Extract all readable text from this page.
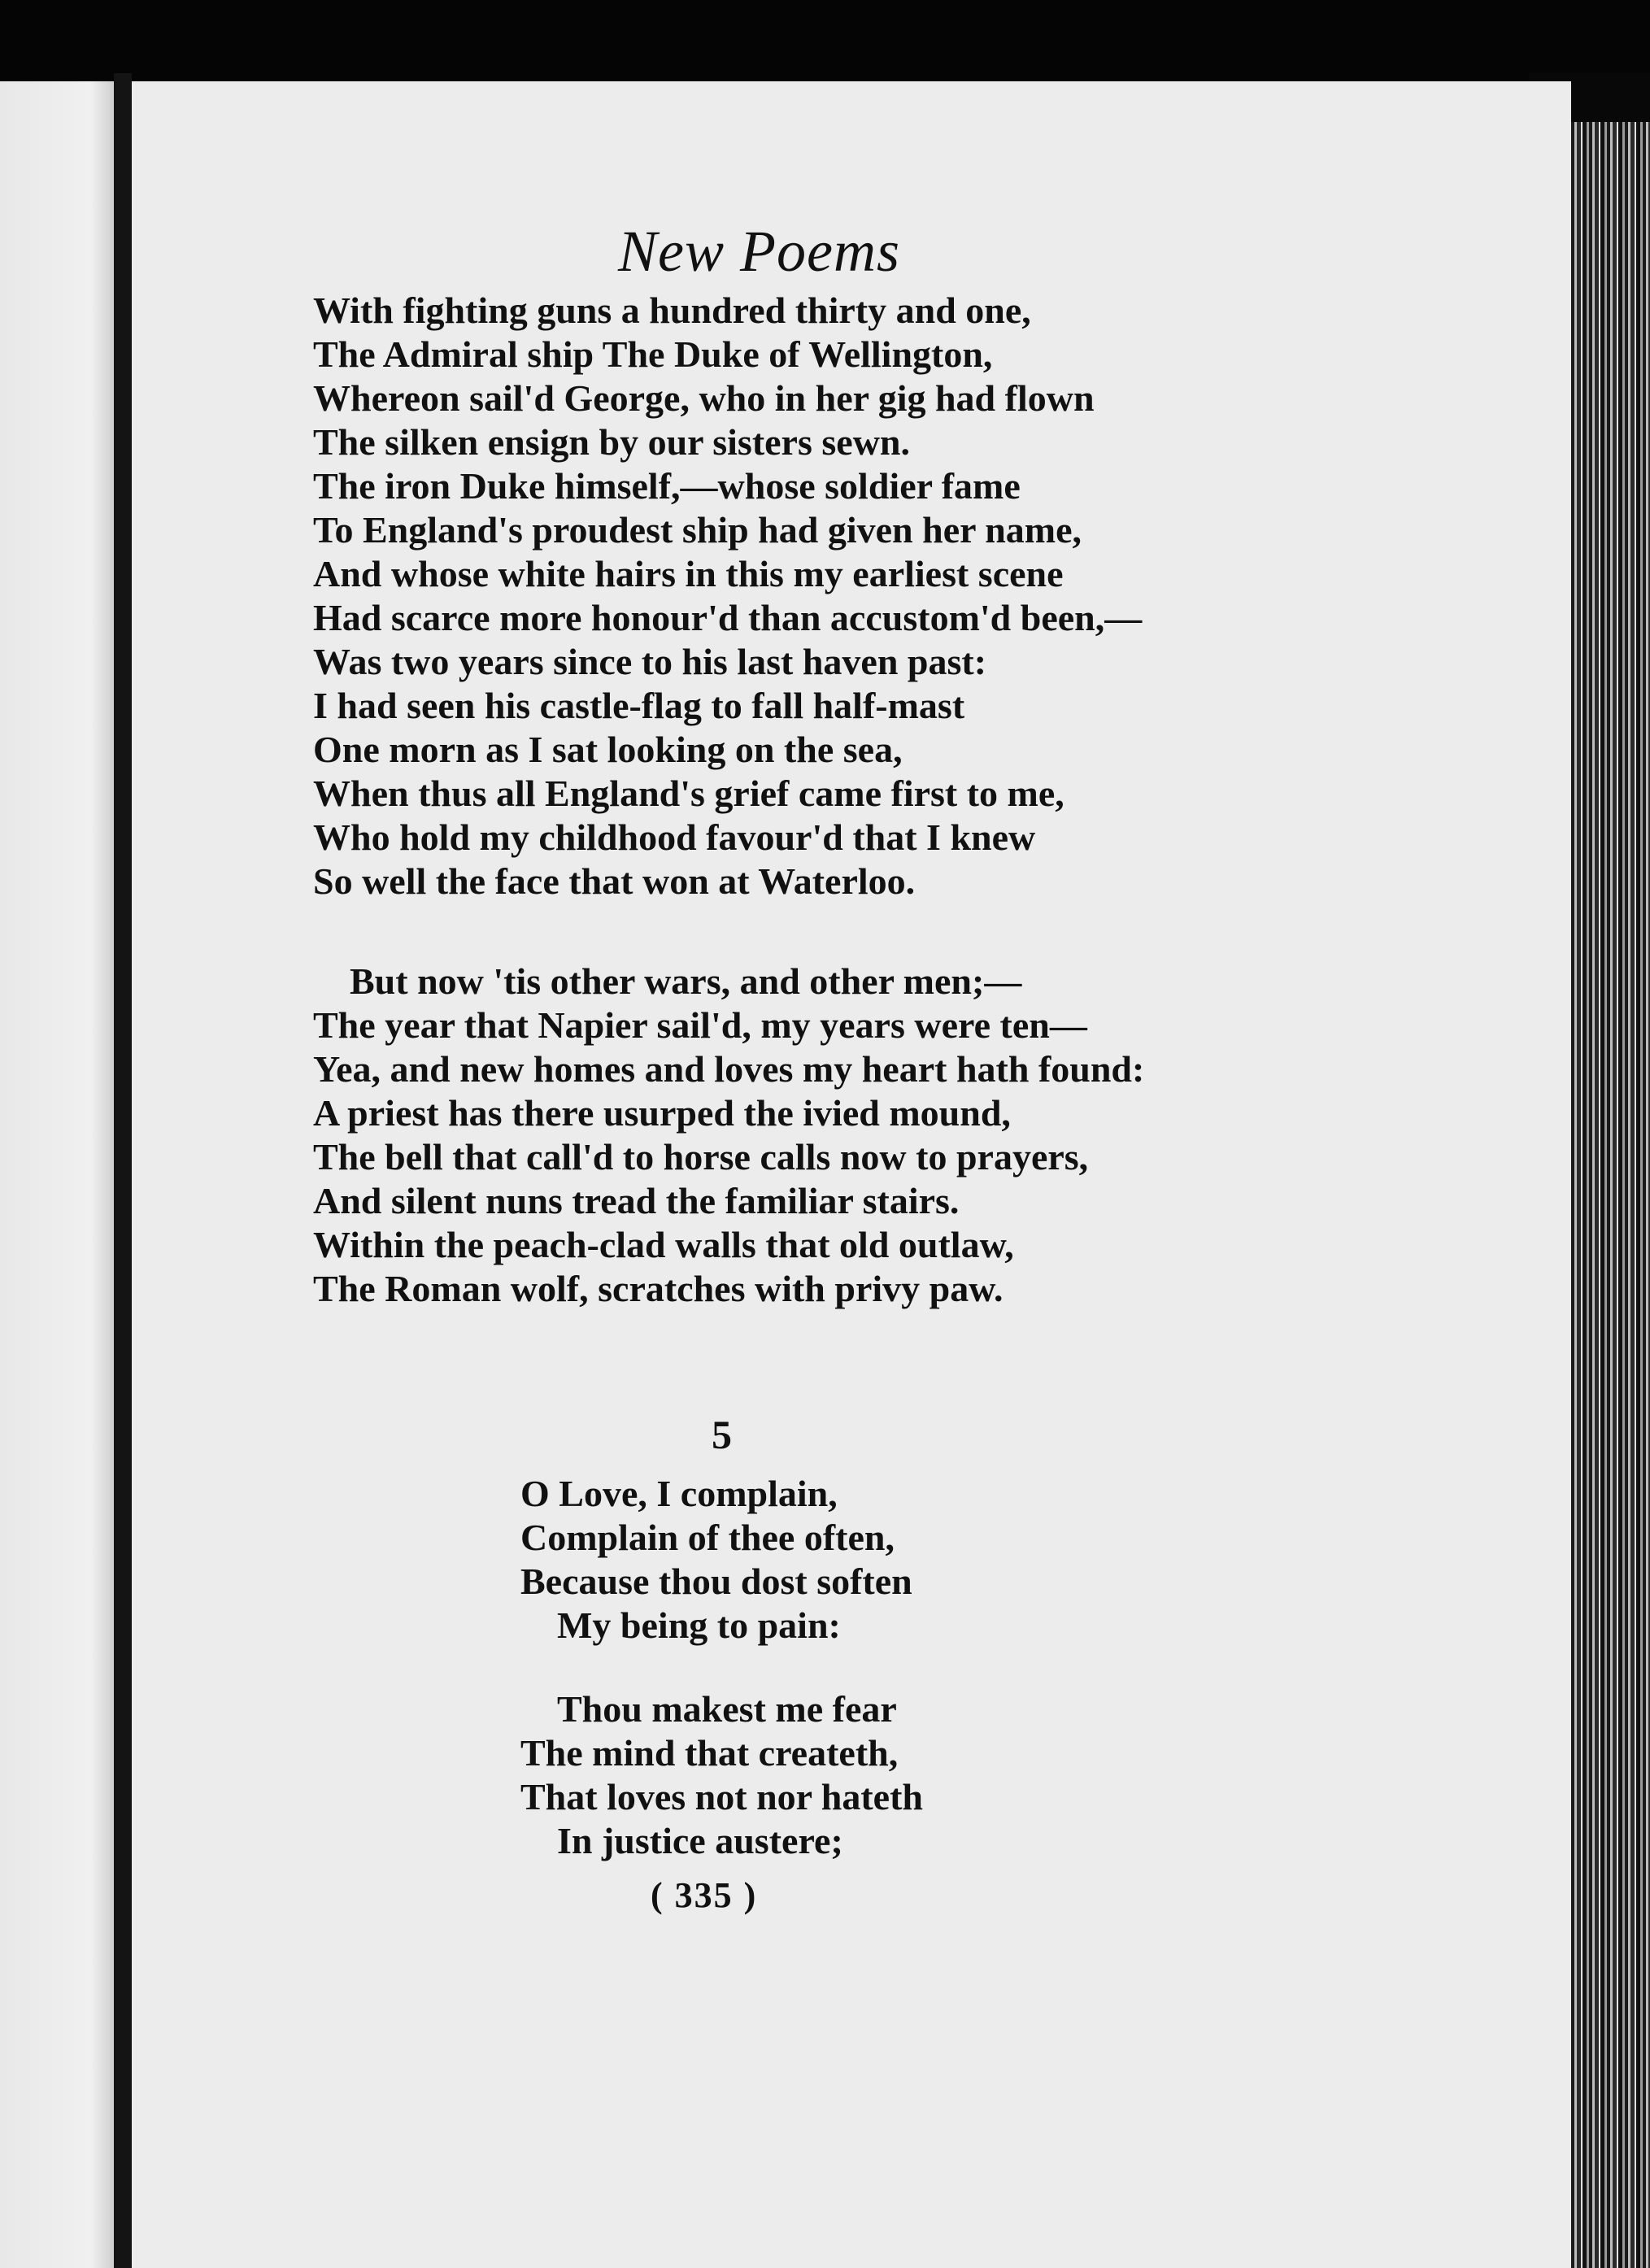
New Poems
With fighting guns a hundred thirty and one,
The Admiral ship The Duke of Wellington,
Whereon sail'd George, who in her gig had flown
The silken ensign by our sisters sewn.
The iron Duke himself,—whose soldier fame
To England's proudest ship had given her name,
And whose white hairs in this my earliest scene
Had scarce more honour'd than accustom'd been,—
Was two years since to his last haven past:
I had seen his castle-flag to fall half-mast
One morn as I sat looking on the sea,
When thus all England's grief came first to me,
Who hold my childhood favour'd that I knew
So well the face that won at Waterloo.
But now 'tis other wars, and other men;—
The year that Napier sail'd, my years were ten—
Yea, and new homes and loves my heart hath found:
A priest has there usurped the ivied mound,
The bell that call'd to horse calls now to prayers,
And silent nuns tread the familiar stairs.
Within the peach-clad walls that old outlaw,
The Roman wolf, scratches with privy paw.
5
O Love, I complain,
Complain of thee often,
Because thou dost soften
My being to pain:
Thou makest me fear
The mind that createth,
That loves not nor hateth
In justice austere;
( 335 )
